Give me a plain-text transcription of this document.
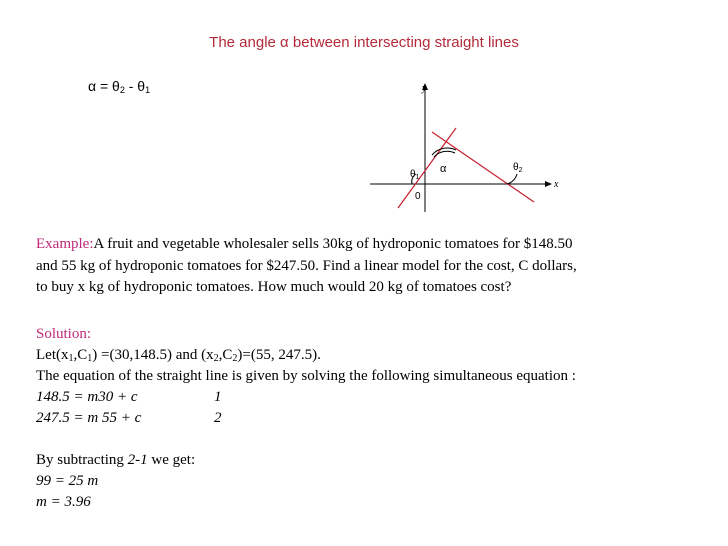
The angle α between intersecting straight lines
$\alpha = \theta_2 - \theta_1$	y
x
α
$\theta_1$
$\theta_2$
0
Example:A fruit and vegetable wholesaler sells 30kg of hydroponic tomatoes for $148.50
and 55 kg of hydroponic tomatoes for $247.50. Find a linear model for the cost, C dollars,
to buy x kg of hydroponic tomatoes. How much would 20 kg of tomatoes cost?
Solution:
$Let(x_1,C_1) =(30,148.5)$ and $(x_2,C_2)=(55$, 247.5).
The equation of the straight line is given by solving the following simultaneous equation :
148.5 = m30 + c	1
247.5 = m 55 + c	2
By subtracting 2-1 we get:
99 = 25 m
m = 3.96
